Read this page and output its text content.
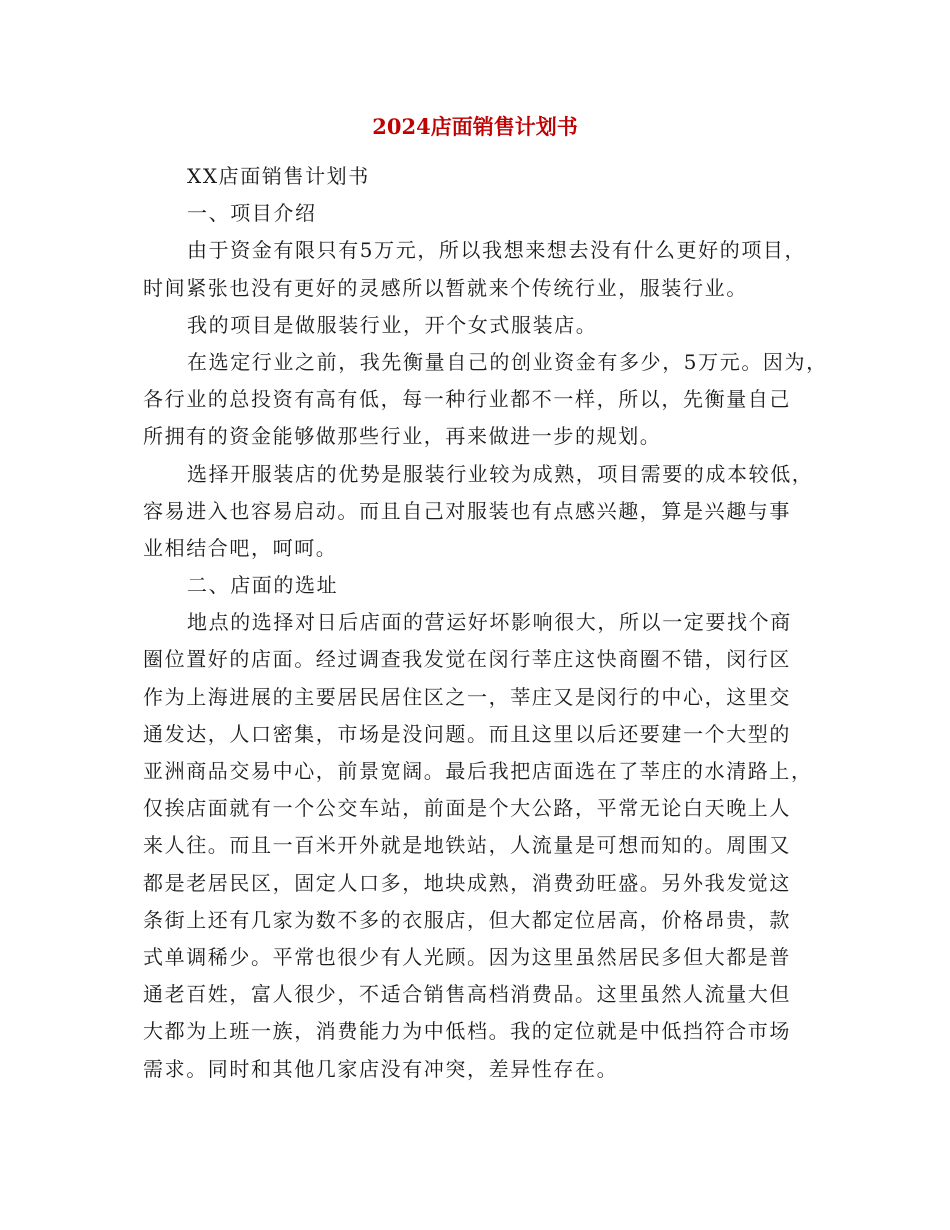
2024店面销售计划书
XX店面销售计划书
一、项目介绍
由于资金有限只有5万元，所以我想来想去没有什么更好的项目，
时间紧张也没有更好的灵感所以暂就来个传统行业，服装行业。
我的项目是做服装行业，开个女式服装店。
在选定行业之前，我先衡量自己的创业资金有多少，5万元。因为，
各行业的总投资有高有低，每一种行业都不一样，所以，先衡量自己
所拥有的资金能够做那些行业，再来做进一步的规划。
选择开服装店的优势是服装行业较为成熟，项目需要的成本较低，
容易进入也容易启动。而且自己对服装也有点感兴趣，算是兴趣与事
业相结合吧，呵呵。
二、店面的选址
地点的选择对日后店面的营运好坏影响很大，所以一定要找个商
圈位置好的店面。经过调查我发觉在闵行莘庄这快商圈不错，闵行区
作为上海进展的主要居民居住区之一，莘庄又是闵行的中心，这里交
通发达，人口密集，市场是没问题。而且这里以后还要建一个大型的
亚洲商品交易中心，前景宽阔。最后我把店面选在了莘庄的水清路上，
仅挨店面就有一个公交车站，前面是个大公路，平常无论白天晚上人
来人往。而且一百米开外就是地铁站，人流量是可想而知的。周围又
都是老居民区，固定人口多，地块成熟，消费劲旺盛。另外我发觉这
条街上还有几家为数不多的衣服店，但大都定位居高，价格昂贵，款
式单调稀少。平常也很少有人光顾。因为这里虽然居民多但大都是普
通老百姓，富人很少，不适合销售高档消费品。这里虽然人流量大但
大都为上班一族，消费能力为中低档。我的定位就是中低挡符合市场
需求。同时和其他几家店没有冲突，差异性存在。
